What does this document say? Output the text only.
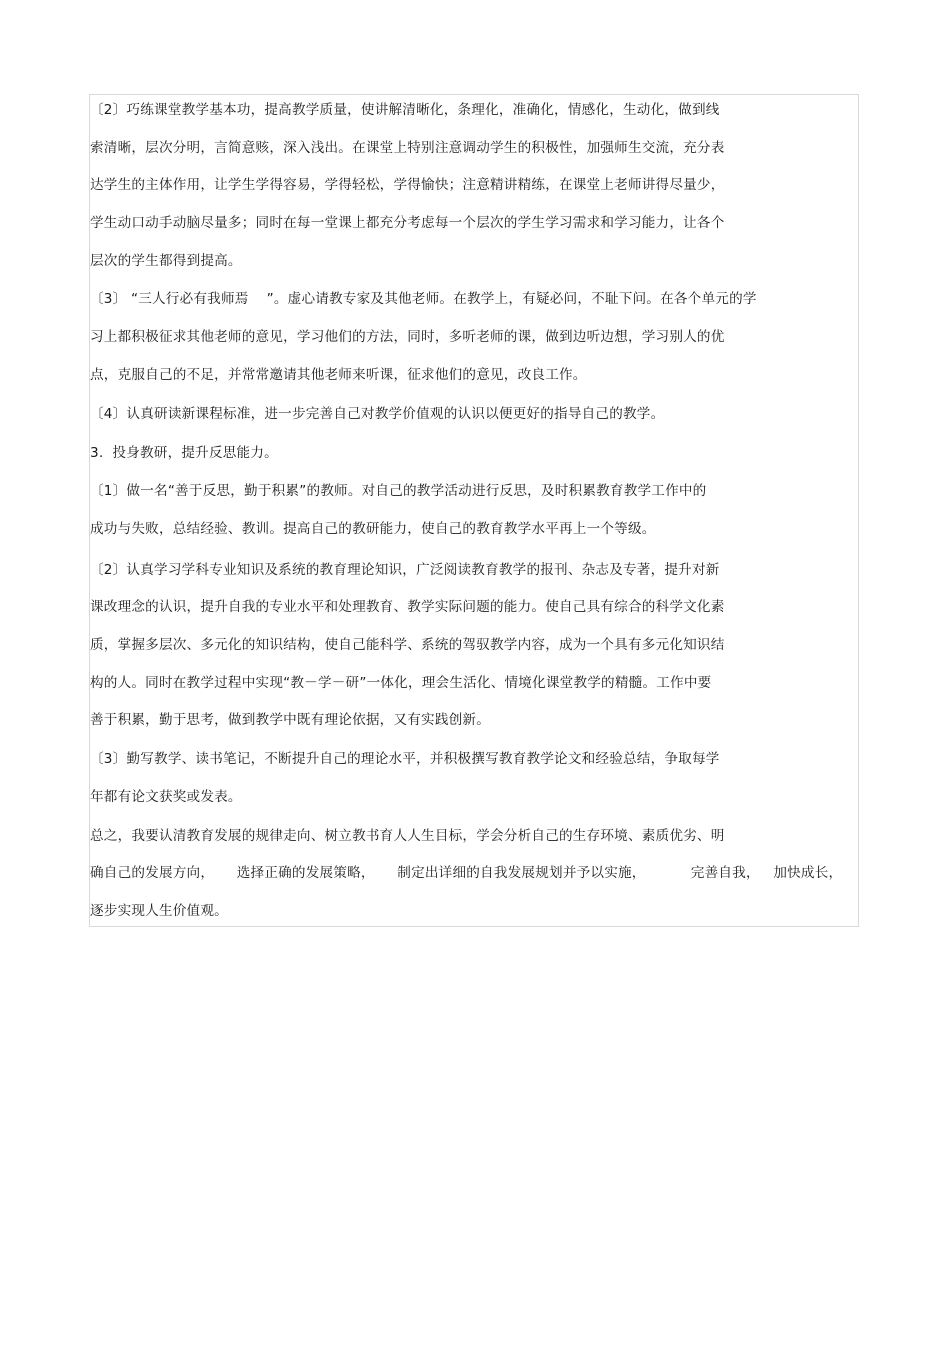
〔2〕巧练课堂教学基本功，提高教学质量，使讲解清晰化，条理化，准确化，情感化，生动化，做到线
索清晰，层次分明，言简意赅，深入浅出。在课堂上特别注意调动学生的积极性，加强师生交流，充分表
达学生的主体作用，让学生学得容易，学得轻松，学得愉快；注意精讲精练，在课堂上老师讲得尽量少，
学生动口动手动脑尽量多；同时在每一堂课上都充分考虑每一个层次的学生学习需求和学习能力，让各个
层次的学生都得到提高。
〔3〕 “三人行必有我师焉    ”。虚心请教专家及其他老师。在教学上，有疑必问，不耻下问。在各个单元的学
习上都积极征求其他老师的意见，学习他们的方法，同时，多听老师的课，做到边听边想，学习别人的优
点，克服自己的不足，并常常邀请其他老师来听课，征求他们的意见，改良工作。
〔4〕认真研读新课程标准，进一步完善自己对教学价值观的认识以便更好的指导自己的教学。
3.  投身教研，提升反思能力。
〔1〕做一名“善于反思，勤于积累”的教师。对自己的教学活动进行反思，及时积累教育教学工作中的
成功与失败，总结经验、教训。提高自己的教研能力，使自己的教育教学水平再上一个等级。
〔2〕认真学习学科专业知识及系统的教育理论知识，广泛阅读教育教学的报刊、杂志及专著，提升对新
课改理念的认识，提升自我的专业水平和处理教育、教学实际问题的能力。使自己具有综合的科学文化素
质，掌握多层次、多元化的知识结构，使自己能科学、系统的驾驭教学内容，成为一个具有多元化知识结
构的人。同时在教学过程中实现“教－学－研”一体化，理会生活化、情境化课堂教学的精髓。工作中要
善于积累，勤于思考，做到教学中既有理论依据，又有实践创新。
〔3〕勤写教学、读书笔记，不断提升自己的理论水平，并积极撰写教育教学论文和经验总结，争取每学
年都有论文获奖或发表。
总之，我要认清教育发展的规律走向、树立教书育人人生目标，学会分析自己的生存环境、素质优劣、明
确自己的发展方向，     选择正确的发展策略，     制定出详细的自我发展规划并予以实施，          完善自我，   加快成长，
逐步实现人生价值观。
